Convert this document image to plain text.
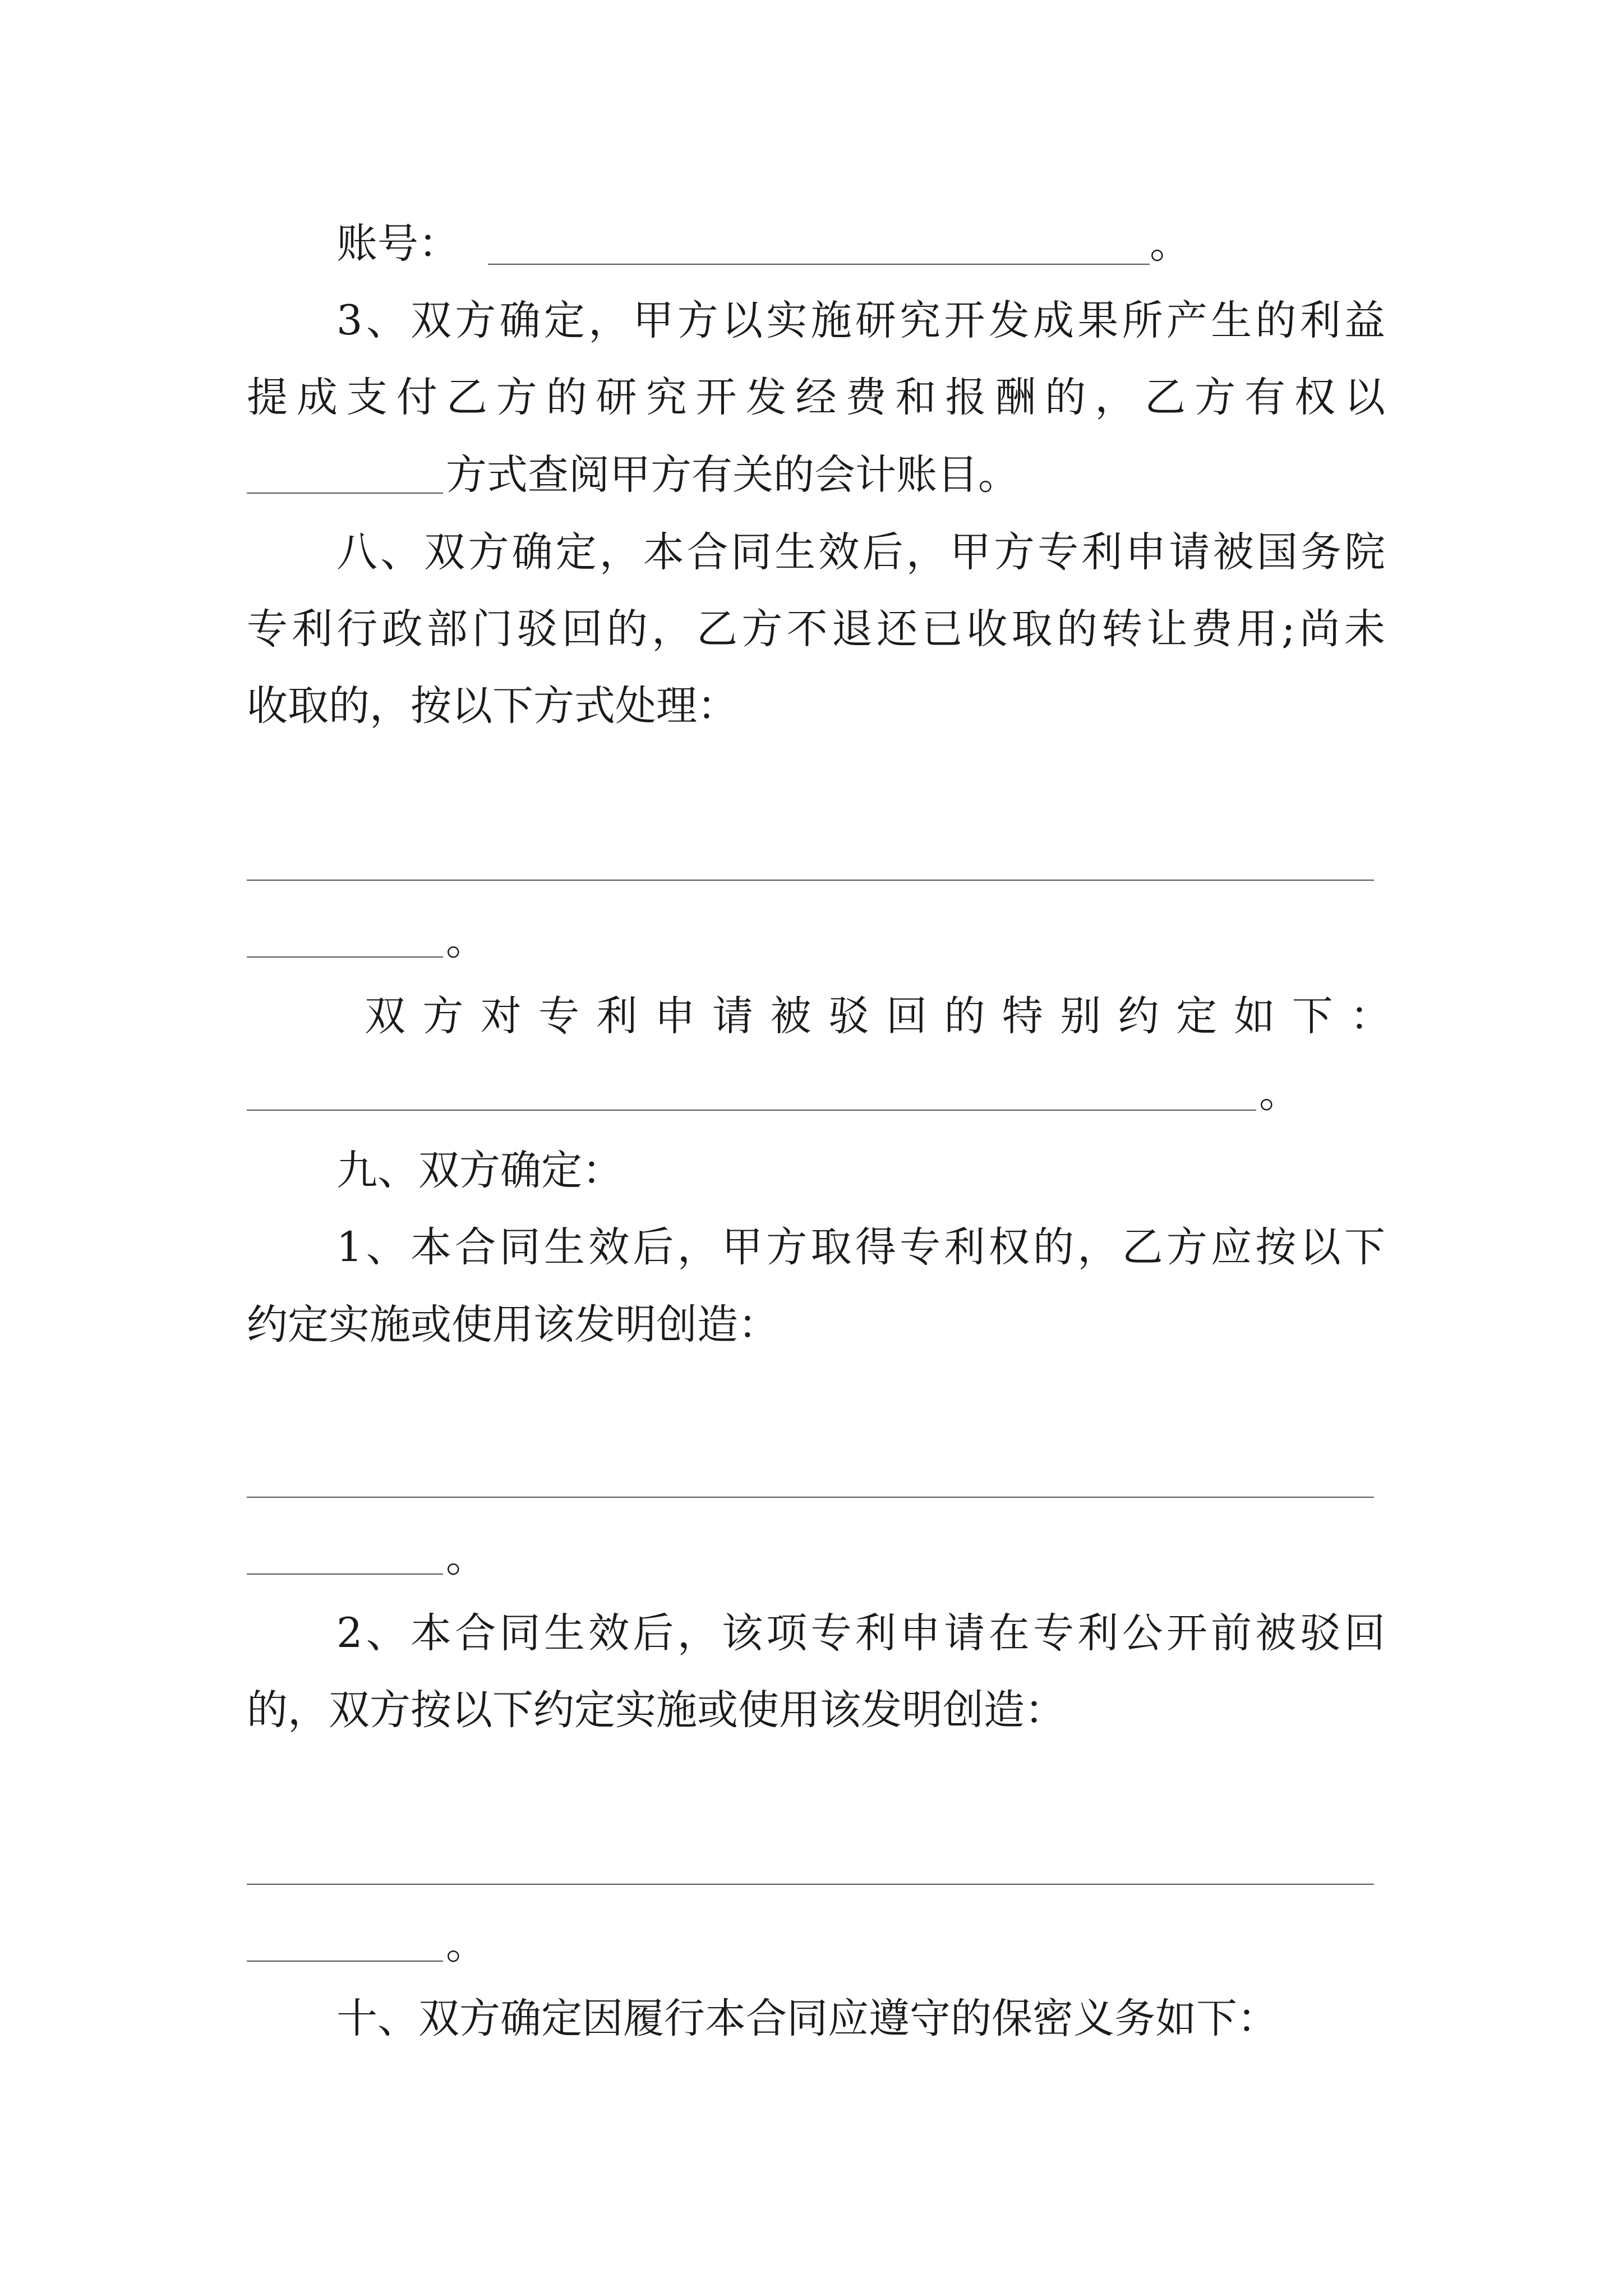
账号：	。
3、双方确定，甲方以实施研究开发成果所产生的利益
提成支付乙方的研究开发经费和报酬的，乙方有权以
方式查阅甲方有关的会计账目。
八、双方确定，本合同生效后，甲方专利申请被国务院
专利行政部门驳回的，乙方不退还已收取的转让费用;尚未
收取的，按以下方式处理：
。
双方对专利申请被驳回的特别约定如下：
。
九、双方确定：
1、本合同生效后，甲方取得专利权的，乙方应按以下
约定实施或使用该发明创造：
。
2、本合同生效后，该项专利申请在专利公开前被驳回
的，双方按以下约定实施或使用该发明创造：
。
十、双方确定因履行本合同应遵守的保密义务如下：
